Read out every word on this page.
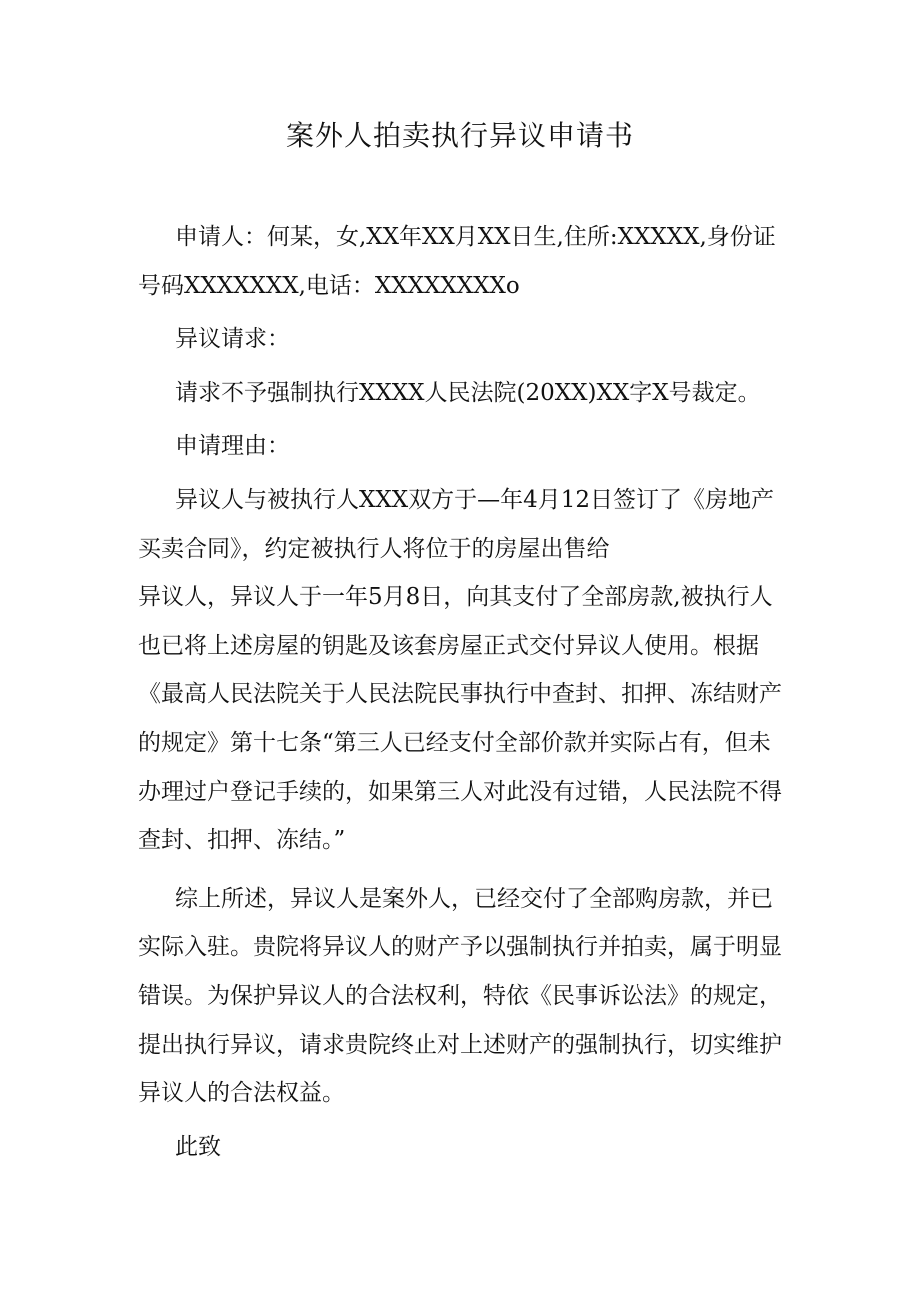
案外人拍卖执行异议申请书

申请人：何某，女,XX年XX月XX日生,住所:XXXXX,身份证号码XXXXXXX,电话：XXXXXXXXo

异议请求：

请求不予强制执行XXXX人民法院(20XX)XX字X号裁定。

申请理由：

异议人与被执行人XXX双方于—年4月12日签订了《房地产买卖合同》，约定被执行人将位于的房屋出售给

异议人，异议人于一年5月8日，向其支付了全部房款,被执行人也已将上述房屋的钥匙及该套房屋正式交付异议人使用。根据《最高人民法院关于人民法院民事执行中查封、扣押、冻结财产的规定》第十七条“第三人已经支付全部价款并实际占有，但未办理过户登记手续的，如果第三人对此没有过错，人民法院不得查封、扣押、冻结。”

综上所述，异议人是案外人，已经交付了全部购房款，并已实际入驻。贵院将异议人的财产予以强制执行并拍卖，属于明显错误。为保护异议人的合法权利，特依《民事诉讼法》的规定，提出执行异议，请求贵院终止对上述财产的强制执行，切实维护异议人的合法权益。

此致
